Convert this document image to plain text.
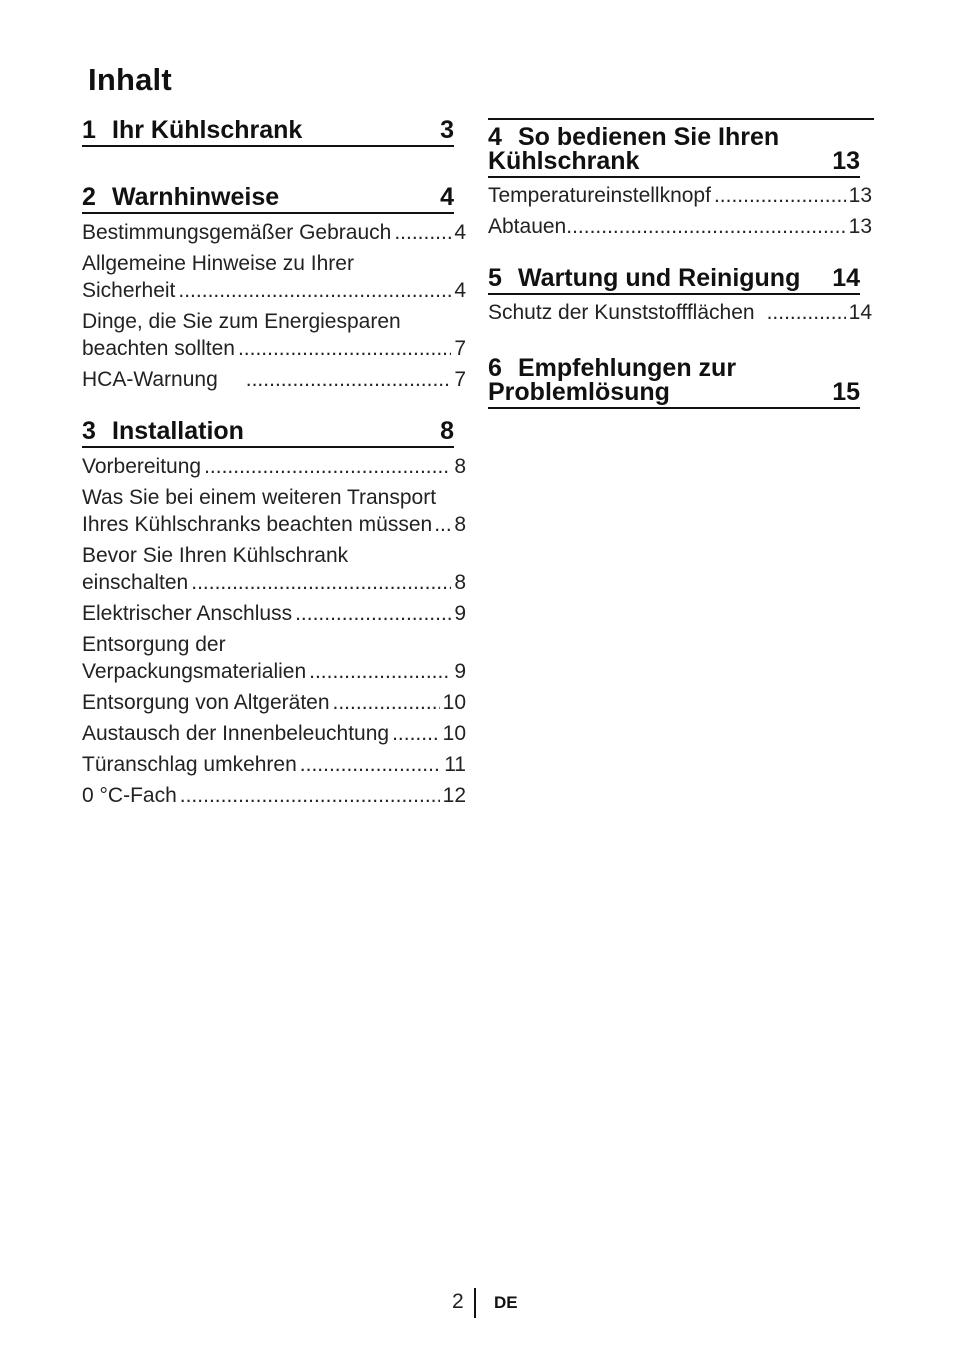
Inhalt
1 Ihr Kühlschrank	3
2 Warnhinweise	4
Bestimmungsgemäßer Gebrauch .....	4
Allgemeine Hinweise zu Ihrer
Sicherheit .....	4
Dinge, die Sie zum Energiesparen
beachten sollten .....	7
HCA-Warnung .....	7
3 Installation	8
Vorbereitung .....	8
Was Sie bei einem weiteren Transport
Ihres Kühlschranks beachten müssen ..... 8
Bevor Sie Ihren Kühlschrank
einschalten .....	8
Elektrischer Anschluss .....	9
Entsorgung der
Verpackungsmaterialien .....	9
Entsorgung von Altgeräten .....	10
Austausch der Innenbeleuchtung .....	10
Türanschlag umkehren .....	11
0 °C-Fach .....	12
4 So bedienen Sie Ihren
Kühlschrank	13
Temperatureinstellknopf .....	13
Abtauen .....	13
5 Wartung und Reinigung 14
Schutz der Kunststoffflächen .....	14
6 Empfehlungen zur
Problemlösung	15
2 DE
